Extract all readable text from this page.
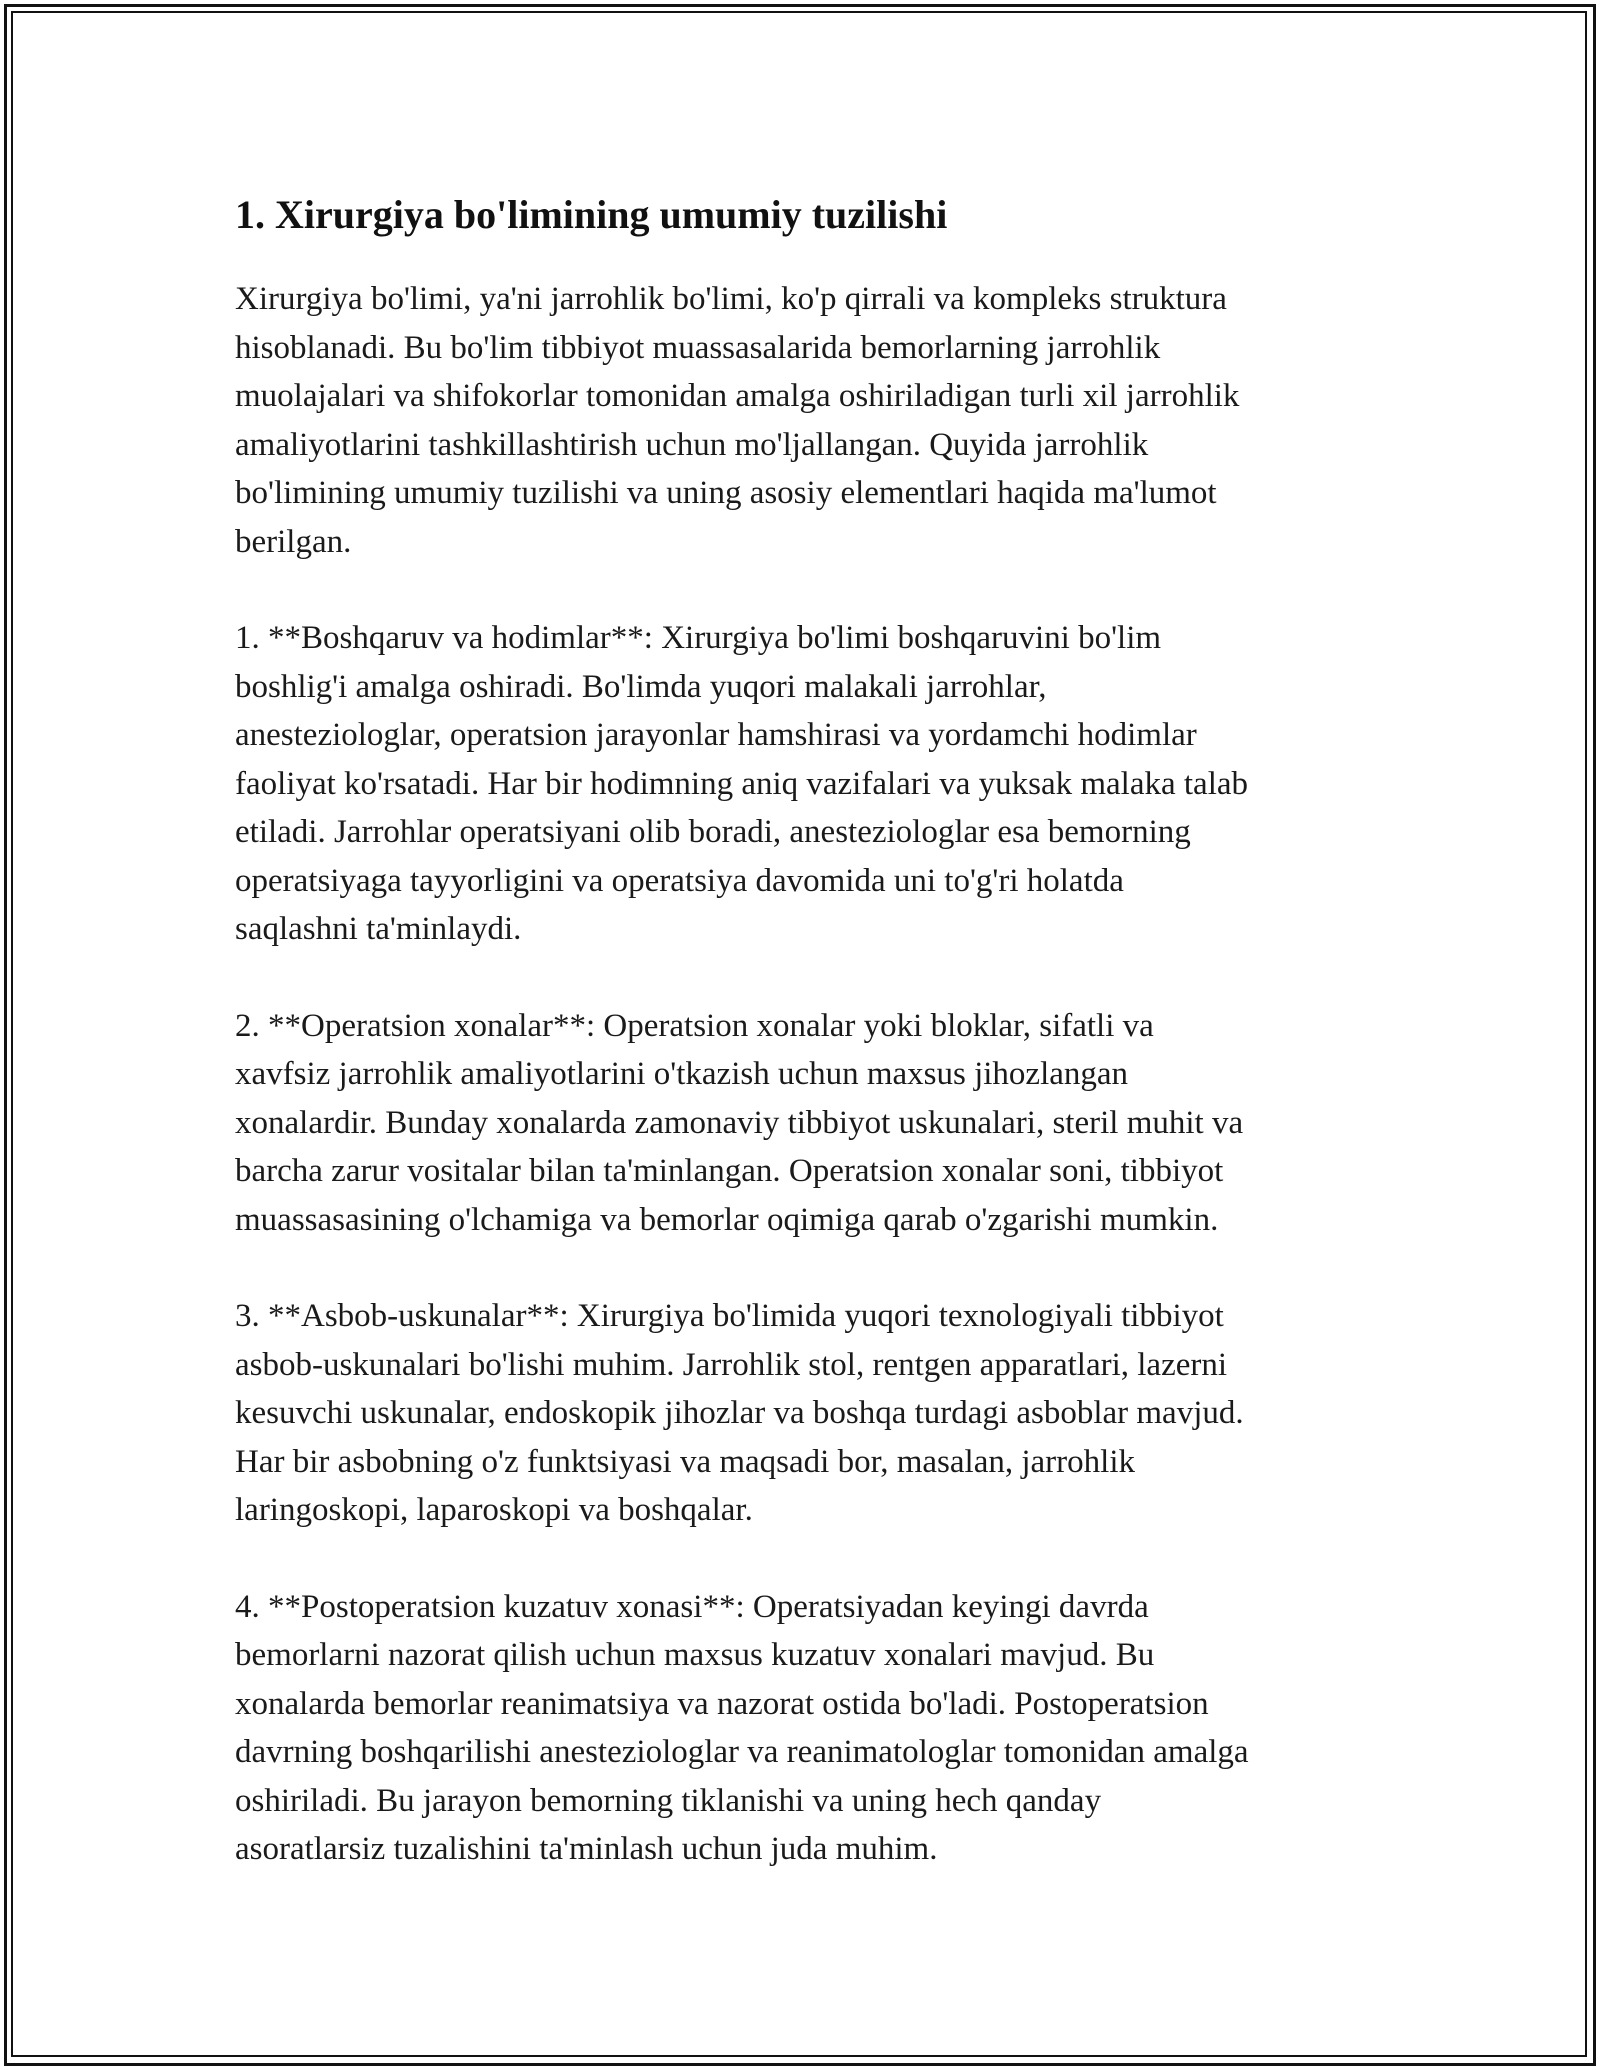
1. Xirurgiya bo'limining umumiy tuzilishi

Xirurgiya bo'limi, ya'ni jarrohlik bo'limi, ko'p qirrali va kompleks struktura
hisoblanadi. Bu bo'lim tibbiyot muassasalarida bemorlarning jarrohlik
muolajalari va shifokorlar tomonidan amalga oshiriladigan turli xil jarrohlik
amaliyotlarini tashkillashtirish uchun mo'ljallangan. Quyida jarrohlik
bo'limining umumiy tuzilishi va uning asosiy elementlari haqida ma'lumot
berilgan.

1. **Boshqaruv va hodimlar**: Xirurgiya bo'limi boshqaruvini bo'lim
boshlig'i amalga oshiradi. Bo'limda yuqori malakali jarrohlar,
anesteziologlar, operatsion jarayonlar hamshirasi va yordamchi hodimlar
faoliyat ko'rsatadi. Har bir hodimning aniq vazifalari va yuksak malaka talab
etiladi. Jarrohlar operatsiyani olib boradi, anesteziologlar esa bemorning
operatsiyaga tayyorligini va operatsiya davomida uni to'g'ri holatda
saqlashni ta'minlaydi.

2. **Operatsion xonalar**: Operatsion xonalar yoki bloklar, sifatli va
xavfsiz jarrohlik amaliyotlarini o'tkazish uchun maxsus jihozlangan
xonalardir. Bunday xonalarda zamonaviy tibbiyot uskunalari, steril muhit va
barcha zarur vositalar bilan ta'minlangan. Operatsion xonalar soni, tibbiyot
muassasasining o'lchamiga va bemorlar oqimiga qarab o'zgarishi mumkin.

3. **Asbob-uskunalar**: Xirurgiya bo'limida yuqori texnologiyali tibbiyot
asbob-uskunalari bo'lishi muhim. Jarrohlik stol, rentgen apparatlari, lazerni
kesuvchi uskunalar, endoskopik jihozlar va boshqa turdagi asboblar mavjud.
Har bir asbobning o'z funktsiyasi va maqsadi bor, masalan, jarrohlik
laringoskopi, laparoskopi va boshqalar.

4. **Postoperatsion kuzatuv xonasi**: Operatsiyadan keyingi davrda
bemorlarni nazorat qilish uchun maxsus kuzatuv xonalari mavjud. Bu
xonalarda bemorlar reanimatsiya va nazorat ostida bo'ladi. Postoperatsion
davrning boshqarilishi anesteziologlar va reanimatologlar tomonidan amalga
oshiriladi. Bu jarayon bemorning tiklanishi va uning hech qanday
asoratlarsiz tuzalishini ta'minlash uchun juda muhim.
